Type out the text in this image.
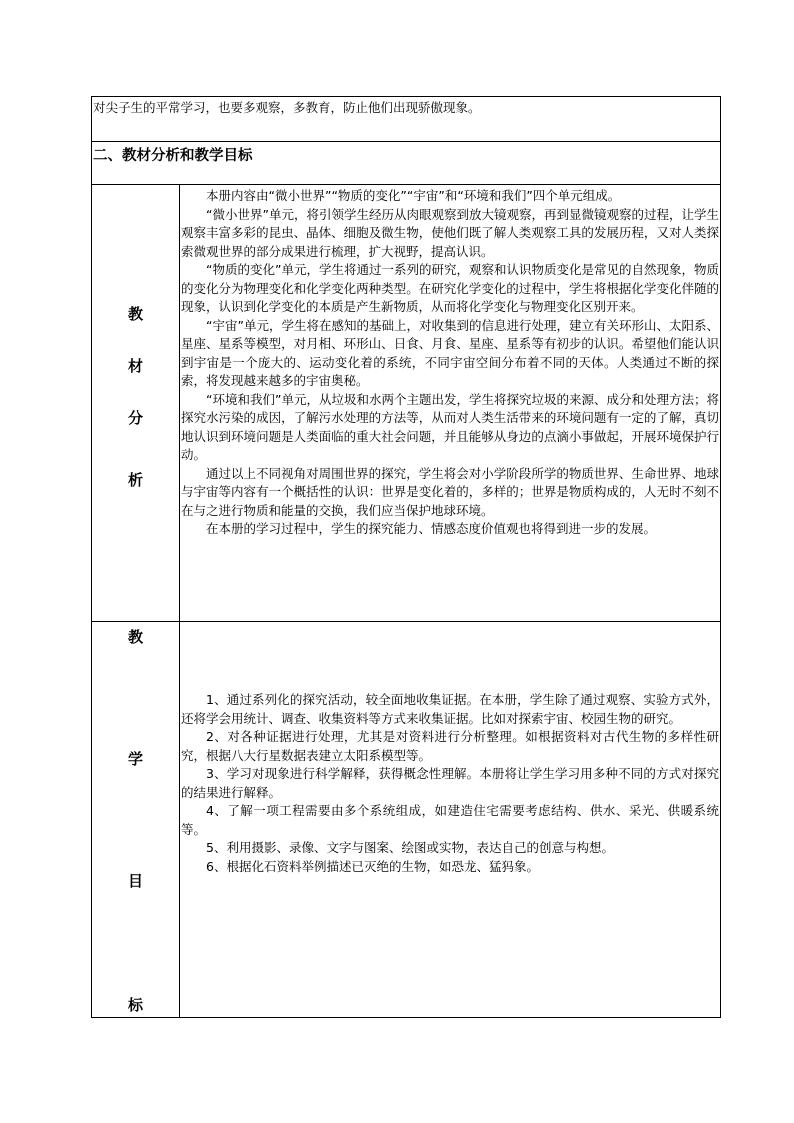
对尖子生的平常学习，也要多观察，多教育，防止他们出现骄傲现象。
二、教材分析和教学目标
教
材
分
析

本册内容由“微小世界”“物质的变化”“宇宙”和“环境和我们”四个单元组成。

“微小世界”单元，将引领学生经历从肉眼观察到放大镜观察，再到显微镜观察的过程，让学生观察丰富多彩的昆虫、晶体、细胞及微生物，使他们既了解人类观察工具的发展历程，又对人类探索微观世界的部分成果进行梳理，扩大视野，提高认识。

“物质的变化”单元，学生将通过一系列的研究，观察和认识物质变化是常见的自然现象，物质的变化分为物理变化和化学变化两种类型。在研究化学变化的过程中，学生将根据化学变化伴随的现象，认识到化学变化的本质是产生新物质，从而将化学变化与物理变化区别开来。

“宇宙”单元，学生将在感知的基础上，对收集到的信息进行处理，建立有关环形山、太阳系、星座、星系等模型，对月相、环形山、日食、月食、星座、星系等有初步的认识。希望他们能认识到宇宙是一个庞大的、运动变化着的系统，不同宇宙空间分布着不同的天体。人类通过不断的探索，将发现越来越多的宇宙奥秘。

“环境和我们”单元，从垃圾和水两个主题出发，学生将探究垃圾的来源、成分和处理方法；将探究水污染的成因，了解污水处理的方法等，从而对人类生活带来的环境问题有一定的了解，真切地认识到环境问题是人类面临的重大社会问题，并且能够从身边的点滴小事做起，开展环境保护行动。

通过以上不同视角对周围世界的探究，学生将会对小学阶段所学的物质世界、生命世界、地球与宇宙等内容有一个概括性的认识：世界是变化着的，多样的；世界是物质构成的，人无时不刻不在与之进行物质和能量的交换，我们应当保护地球环境。

在本册的学习过程中，学生的探究能力、情感态度价值观也将得到进一步的发展。

教
学
目
标

1、通过系列化的探究活动，较全面地收集证据。在本册，学生除了通过观察、实验方式外，还将学会用统计、调查、收集资料等方式来收集证据。比如对探索宇宙、校园生物的研究。

2、对各种证据进行处理，尤其是对资料进行分析整理。如根据资料对古代生物的多样性研究，根据八大行星数据表建立太阳系模型等。

3、学习对现象进行科学解释，获得概念性理解。本册将让学生学习用多种不同的方式对探究的结果进行解释。

4、了解一项工程需要由多个系统组成，如建造住宅需要考虑结构、供水、采光、供暖系统等。

5、利用摄影、录像、文字与图案、绘图或实物，表达自己的创意与构想。

6、根据化石资料举例描述已灭绝的生物，如恐龙、猛犸象。
